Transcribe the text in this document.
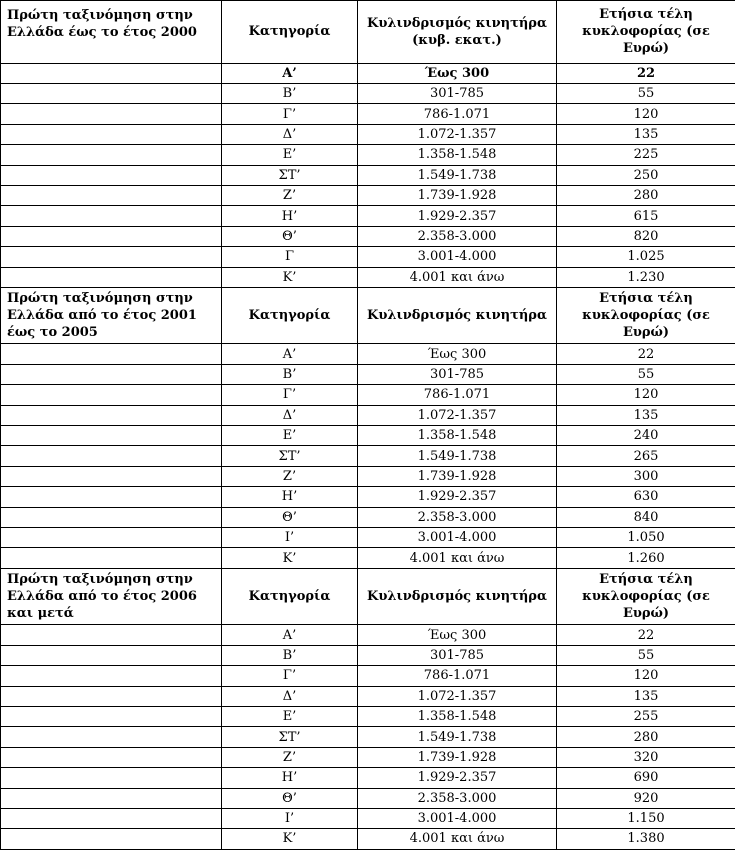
Πρώτη ταξινόμηση στην Ελλάδα έως το έτος 2000	Κατηγορία	Κυλινδρισμός κινητήρα (κυβ. εκατ.)	Ετήσια τέλη κυκλοφορίας (σε Ευρώ)
	Α’	Έως 300	22
	Β’	301-785	55
	Γ’	786-1.071	120
	Δ’	1.072-1.357	135
	Ε’	1.358-1.548	225
	ΣΤ’	1.549-1.738	250
	Ζ’	1.739-1.928	280
	Η’	1.929-2.357	615
	Θ’	2.358-3.000	820
	Γ	3.001-4.000	1.025
	Κ’	4.001 και άνω	1.230
Πρώτη ταξινόμηση στην Ελλάδα από το έτος 2001 έως το 2005	Κατηγορία	Κυλινδρισμός κινητήρα	Ετήσια τέλη κυκλοφορίας (σε Ευρώ)
	Α’	Έως 300	22
	Β’	301-785	55
	Γ’	786-1.071	120
	Δ’	1.072-1.357	135
	Ε’	1.358-1.548	240
	ΣΤ’	1.549-1.738	265
	Ζ’	1.739-1.928	300
	Η’	1.929-2.357	630
	Θ’	2.358-3.000	840
	Ι’	3.001-4.000	1.050
	Κ’	4.001 και άνω	1.260
Πρώτη ταξινόμηση στην Ελλάδα από το έτος 2006 και μετά	Κατηγορία	Κυλινδρισμός κινητήρα	Ετήσια τέλη κυκλοφορίας (σε Ευρώ)
	Α’	Έως 300	22
	Β’	301-785	55
	Γ’	786-1.071	120
	Δ’	1.072-1.357	135
	Ε’	1.358-1.548	255
	ΣΤ’	1.549-1.738	280
	Ζ’	1.739-1.928	320
	Η’	1.929-2.357	690
	Θ’	2.358-3.000	920
	Ι’	3.001-4.000	1.150
	Κ’	4.001 και άνω	1.380
